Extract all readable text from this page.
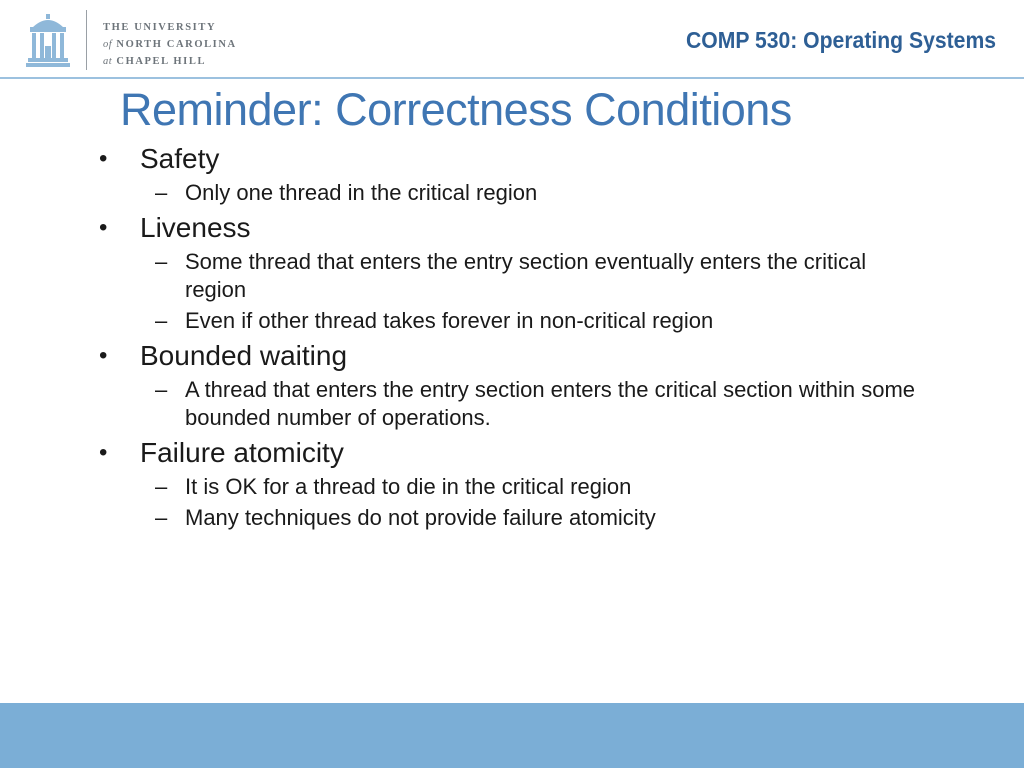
THE UNIVERSITY
of NORTH CAROLINA
at CHAPEL HILL
COMP 530: Operating Systems
Reminder: Correctness Conditions
• Safety
– Only one thread in the critical region
• Liveness
– Some thread that enters the entry section eventually enters the critical region
– Even if other thread takes forever in non-critical region
• Bounded waiting
– A thread that enters the entry section enters the critical section within some bounded number of operations.
• Failure atomicity
– It is OK for a thread to die in the critical region
– Many techniques do not provide failure atomicity
